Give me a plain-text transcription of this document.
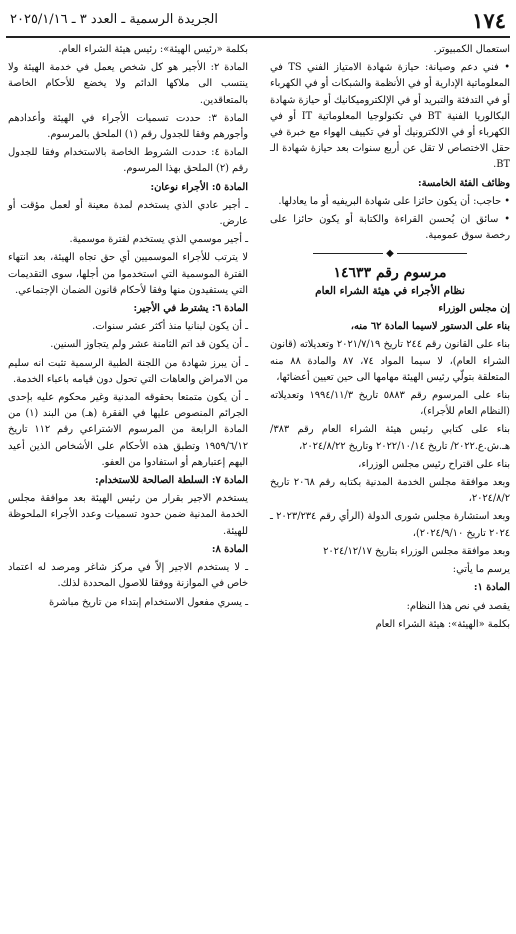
١٧٤
الجريدة الرسمية ـ العدد ٣ ـ ٢٠٢٥/١/١٦

استعمال الكمبيوتر.

• فني دعم وصيانة: حيازة شهادة الامتياز الفني TS في المعلوماتية الإدارية أو في الأنظمة والشبكات أو في الكهرباء أو في التدفئة والتبريد أو في الإلكتروميكانيك أو حيازة شهادة البكالوريا الفنية BT في تكنولوجيا المعلوماتية IT أو في الكهرباء أو في الالكترونيك أو في تكييف الهواء مع خبرة في حقل الاختصاص لا تقل عن أربع سنوات بعد حيازة شهادة الـ BT.

وظائف الفئة الخامسة:

• حاجب: أن يكون حائزا على شهادة البريفيه أو ما يعادلها.

• سائق ان يُحسن القراءة والكتابة أو يكون حائزا على رخصة سوق عمومية.

◆

مرسوم رقم ١٤٦٣٣

نظام الأجراء في هيئة الشراء العام

إن مجلس الوزراء

بناء على الدستور لاسيما المادة ٦٢ منه،

بناء على القانون رقم ٢٤٤ تاريخ ٢٠٢١/٧/١٩ وتعديلاته (قانون الشراء العام)، لا سيما المواد ٧٤، ٨٧ والمادة ٨٨ منه المتعلقة بتولّي رئيس الهيئة مهامها الى حين تعيين أعضائها،

بناء على المرسوم رقم ٥٨٨٣ تاريخ ١٩٩٤/١١/٣ وتعديلاته (النظام العام للأجراء)،

بناء على كتابي رئيس هيئة الشراء العام رقم ٣٨٣/هـ.ش.ع.٢٠٢٢/ تاريخ ٢٠٢٢/١٠/١٤ وتاريخ ٢٠٢٤/٨/٢٢،

بناء على اقتراح رئيس مجلس الوزراء،

وبعد موافقة مجلس الخدمة المدنية بكتابه رقم ٢٠٦٨ تاريخ ٢٠٢٤/٨/٢،

وبعد استشارة مجلس شورى الدولة (الرأي رقم ٢٠٢٣/٢٣٤ ـ ٢٠٢٤ تاريخ ٢٠٢٤/٩/١٠)،

وبعد موافقة مجلس الوزراء بتاريخ ٢٠٢٤/١٢/١٧

يرسم ما يأتي:

المادة ١:

يقصد في نص هذا النظام:

بكلمة «الهيئة»: هيئة الشراء العام

بكلمة «رئيس الهيئة»: رئيس هيئة الشراء العام.

المادة ٢: الأجير هو كل شخص يعمل في خدمة الهيئة ولا ينتسب الى ملاكها الدائم ولا يخضع للأحكام الخاصة بالمتعاقدين.

المادة ٣: حددت تسميات الأجراء في الهيئة وأعدادهم وأجورهم وفقا للجدول رقم (١) الملحق بالمرسوم.

المادة ٤: حددت الشروط الخاصة بالاستخدام وفقا للجدول رقم (٢) الملحق بهذا المرسوم.

المادة ٥: الأجراء نوعان:

ـ أجير عادي الذي يستخدم لمدة معينة أو لعمل مؤقت أو عارض.

ـ أجير موسمي الذي يستخدم لفترة موسمية.

لا يترتب للأجراء الموسميين أي حق تجاه الهيئة، بعد انتهاء الفترة الموسمية التي استخدموا من أجلها، سوى التقديمات التي يستفيدون منها وفقا لأحكام قانون الضمان الإجتماعي.

المادة ٦: يشترط في الأجير:

ـ أن يكون لبنانيا منذ أكثر عشر سنوات.

ـ أن يكون قد اتم الثامنة عشر ولم يتجاوز السنين.

ـ أن يبرز شهادة من اللجنة الطبية الرسمية تثبت انه سليم من الامراض والعاهات التي تحول دون قيامه باعباء الخدمة.

ـ أن يكون متمتعا بحقوقه المدنية وغير محكوم عليه بإحدى الجرائم المنصوص عليها في الفقرة (هـ) من البند (١) من المادة الرابعة من المرسوم الاشتراعي رقم ١١٢ تاريخ ١٩٥٩/٦/١٢ وتطبق هذه الأحكام على الأشخاص الذين أعيد اليهم إعتبارهم أو استفادوا من العفو.

المادة ٧: السلطة الصالحة للاستخدام:

يستخدم الاجير بقرار من رئيس الهيئة بعد موافقة مجلس الخدمة المدنية ضمن حدود تسميات وعدد الأجراء الملحوظة للهيئة.

المادة ٨:

ـ لا يستخدم الاجير إلاّ في مركز شاغر ومرصد له اعتماد خاص في الموازنة ووفقا للاصول المحددة لذلك.

ـ يسري مفعول الاستخدام إبتداء من تاريخ مباشرة
